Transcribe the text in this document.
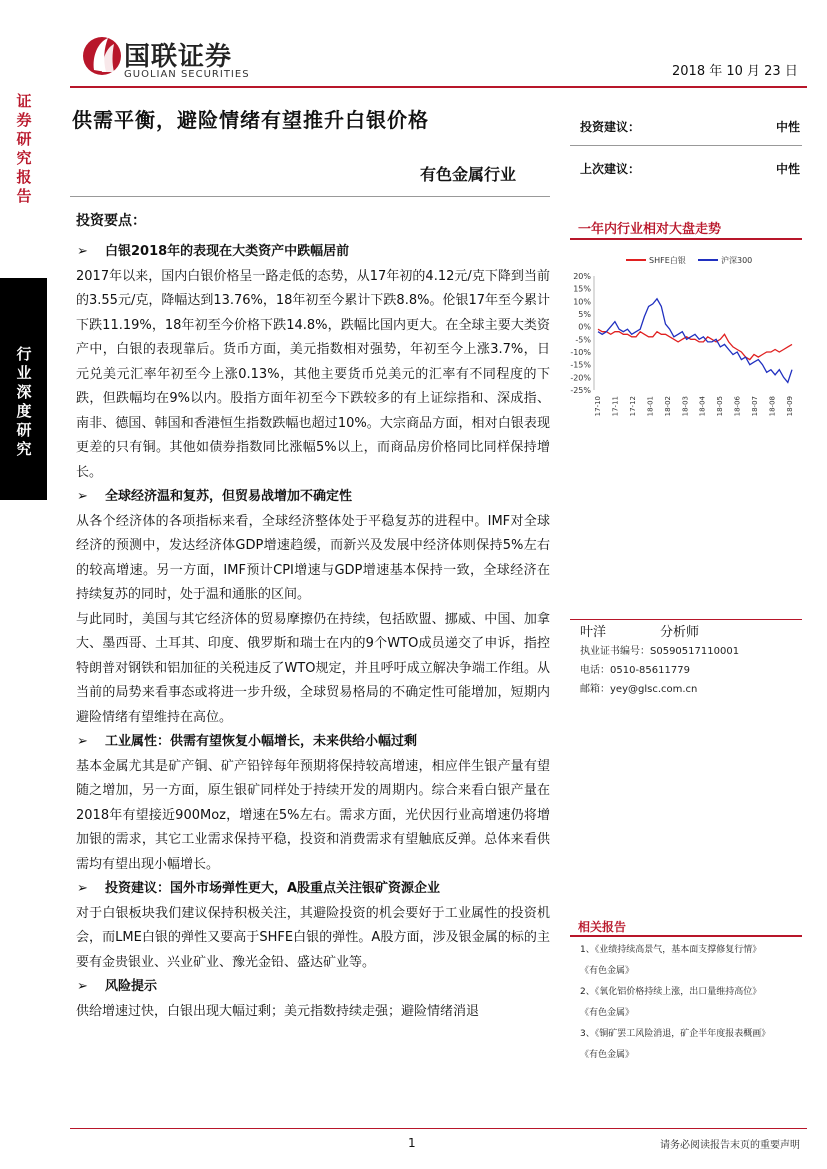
证券研究报告
行业深度研究
国联证券
GUOLIAN SECURITIES	2018 年 10 月 23 日
供需平衡，避险情绪有望推升白银价格
有色金属行业
投资建议：	中性
上次建议：	中性
投资要点：

➢ 白银2018年的表现在大类资产中跌幅居前

2017年以来，国内白银价格呈一路走低的态势，从17年初的4.12元/克下降到当前的3.55元/克，降幅达到13.76%，18年初至今累计下跌8.8%。伦银17年至今累计下跌11.19%，18年初至今价格下跌14.8%，跌幅比国内更大。在全球主要大类资产中，白银的表现靠后。货币方面，美元指数相对强势，年初至今上涨3.7%，日元兑美元汇率年初至今上涨0.13%，其他主要货币兑美元的汇率有不同程度的下跌，但跌幅均在9%以内。股指方面年初至今下跌较多的有上证综指和、深成指、南非、德国、韩国和香港恒生指数跌幅也超过10%。大宗商品方面，相对白银表现更差的只有铜。其他如债券指数同比涨幅5%以上，而商品房价格同比同样保持增长。

➢ 全球经济温和复苏，但贸易战增加不确定性

从各个经济体的各项指标来看，全球经济整体处于平稳复苏的进程中。IMF对全球经济的预测中，发达经济体GDP增速趋缓，而新兴及发展中经济体则保持5%左右的较高增速。另一方面，IMF预计CPI增速与GDP增速基本保持一致，全球经济在持续复苏的同时，处于温和通胀的区间。

与此同时，美国与其它经济体的贸易摩擦仍在持续，包括欧盟、挪威、中国、加拿大、墨西哥、土耳其、印度、俄罗斯和瑞士在内的9个WTO成员递交了申诉，指控特朗普对钢铁和铝加征的关税违反了WTO规定，并且呼吁成立解决争端工作组。从当前的局势来看事态或将进一步升级，全球贸易格局的不确定性可能增加，短期内避险情绪有望维持在高位。

➢ 工业属性：供需有望恢复小幅增长，未来供给小幅过剩

基本金属尤其是矿产铜、矿产铅锌每年预期将保持较高增速，相应伴生银产量有望随之增加，另一方面，原生银矿同样处于持续开发的周期内。综合来看白银产量在2018年有望接近900Moz，增速在5%左右。需求方面，光伏因行业高增速仍将增加银的需求，其它工业需求保持平稳，投资和消费需求有望触底反弹。总体来看供需均有望出现小幅增长。

➢ 投资建议：国外市场弹性更大，A股重点关注银矿资源企业

对于白银板块我们建议保持积极关注，其避险投资的机会要好于工业属性的投资机会，而LME白银的弹性又要高于SHFE白银的弹性。A股方面，涉及银金属的标的主要有金贵银业、兴业矿业、豫光金铅、盛达矿业等。

➢ 风险提示

供给增速过快，白银出现大幅过剩；美元指数持续走强；避险情绪消退

一年内行业相对大盘走势
SHFE白银	沪深300
20%
15%
10%
5%
0%
-5%
-10%
-15%
-20%
-25%
17-10 17-11 17-12 18-01 18-02 18-03 18-04 18-05 18-06 18-07 18-08 18-09
叶洋	分析师
执业证书编号：S0590517110001
电话：0510-85611779
邮箱：yey@glsc.com.cn
相关报告
1、《业绩持续高景气，基本面支撑修复行情》
《有色金属》
2、《氧化铝价格持续上涨，出口量维持高位》
《有色金属》
3、《铜矿罢工风险消退，矿企半年度报表概画》
《有色金属》
1	请务必阅读报告末页的重要声明
